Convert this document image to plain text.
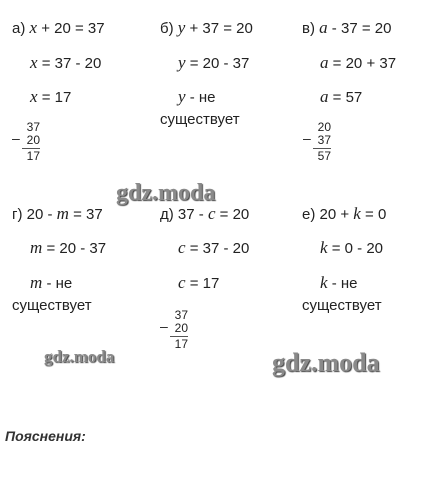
а) x + 20 = 37
x = 37 - 20
x = 17
–
37
20
17
б) y + 37 = 20
y = 20 - 37
y - не
существует
в) a - 37 = 20
a = 20 + 37
a = 57
–
20
37
57
gdz.moda
г) 20 - m = 37
m = 20 - 37
m - не
существует
д) 37 - c = 20
c = 37 - 20
c = 17
–
37
20
17
е) 20 + k = 0
k = 0 - 20
k - не
существует
gdz.moda	gdz.moda
Пояснения:
